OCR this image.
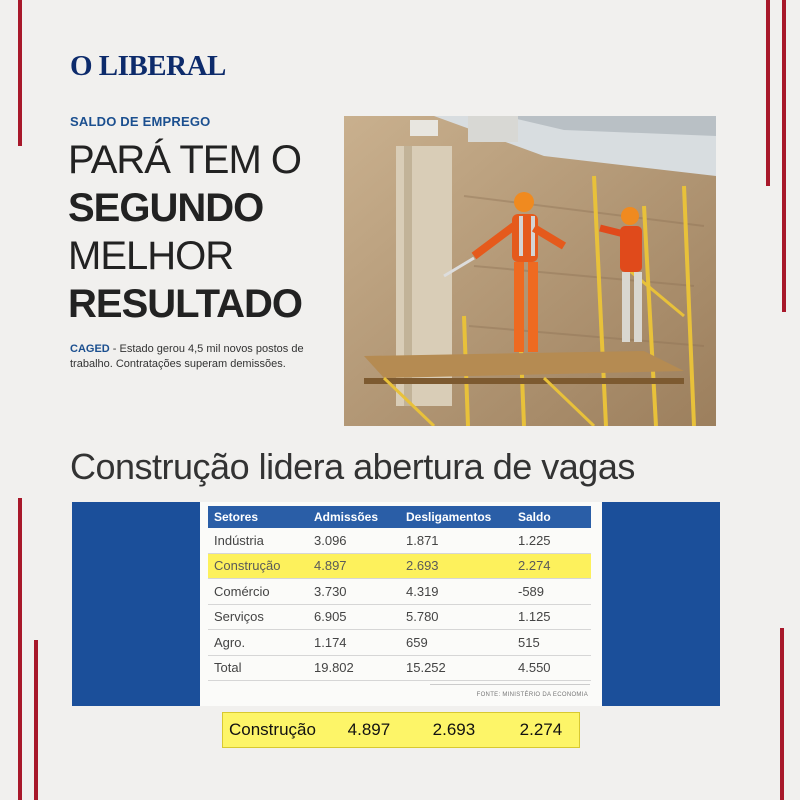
O LIBERAL
SALDO DE EMPREGO
PARÁ TEM O
SEGUNDO
MELHOR
RESULTADO
CAGED - Estado gerou 4,5 mil novos postos de trabalho. Contratações superam demissões.
Construção lidera abertura de vagas
Setores	Admissões	Desligamentos	Saldo
Indústria	3.096	1.871	1.225
Construção	4.897	2.693	2.274
Comércio	3.730	4.319	-589
Serviços	6.905	5.780	1.125
Agro.	1.174	659	515
Total	19.802	15.252	4.550
FONTE: MINISTÉRIO DA ECONOMIA
Construção	4.897	2.693	2.274
